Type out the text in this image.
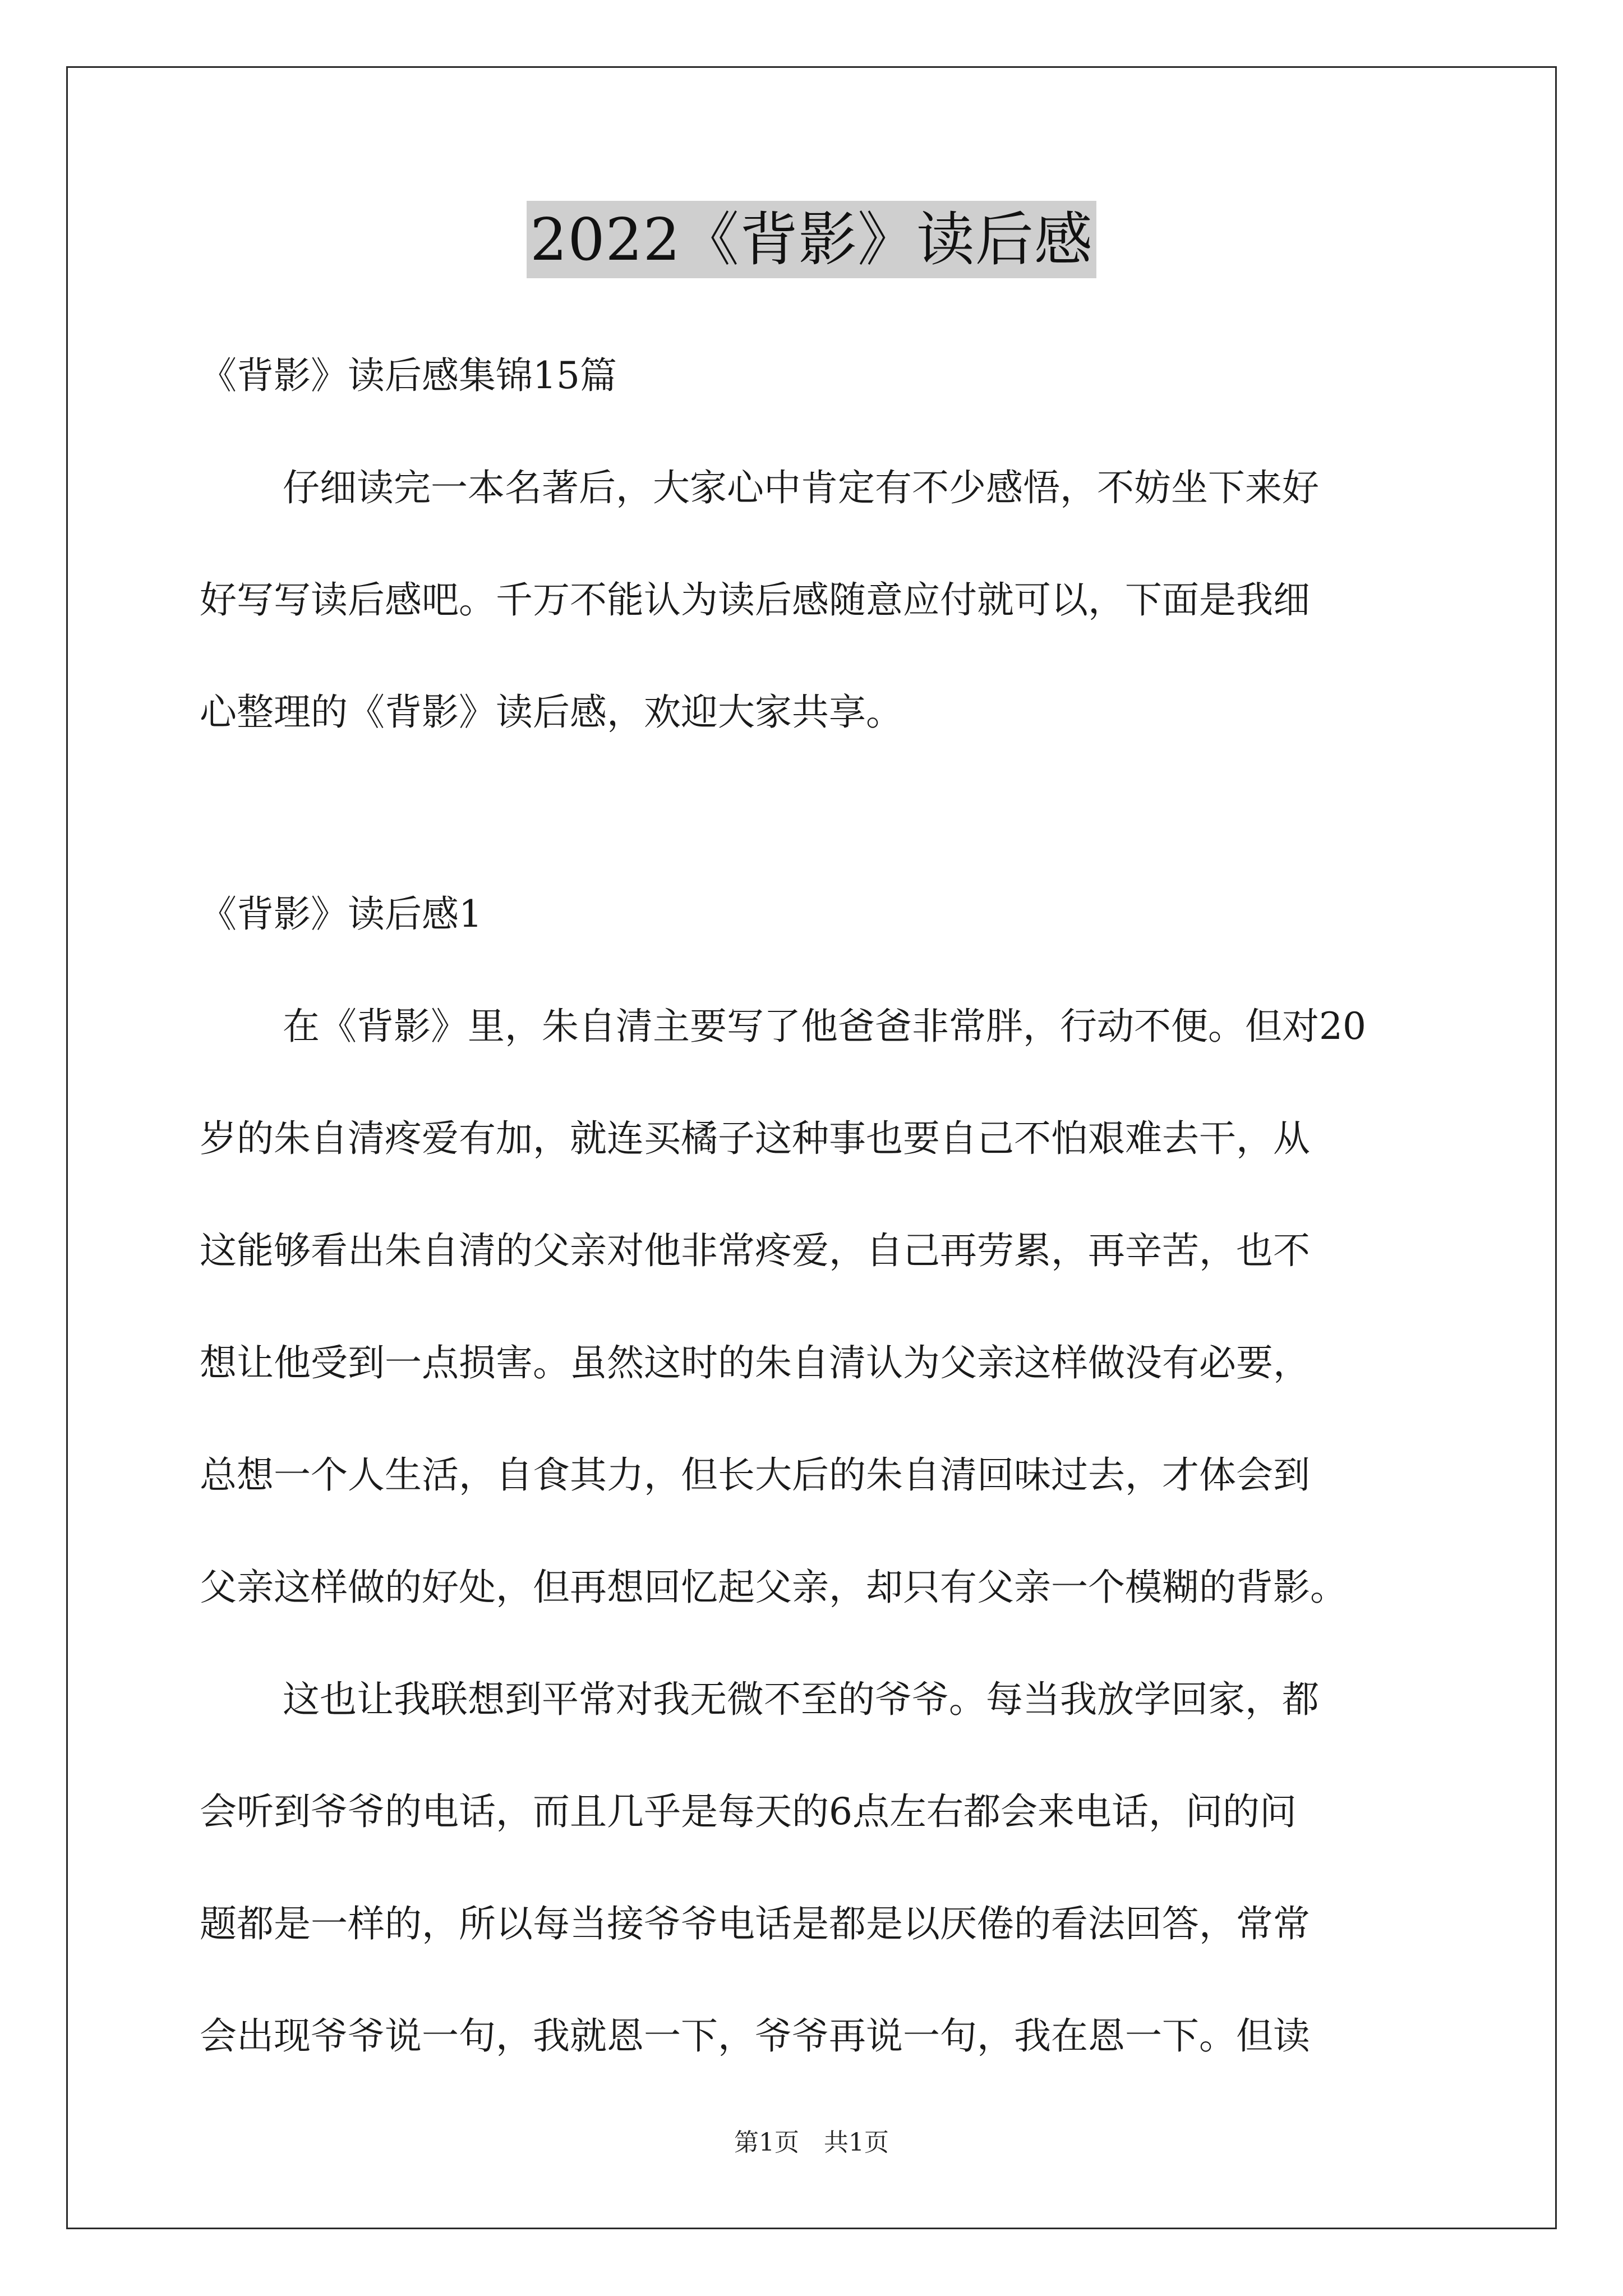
2022《背影》读后感
《背影》读后感集锦15篇
仔细读完一本名著后，大家心中肯定有不少感悟，不妨坐下来好
好写写读后感吧。千万不能认为读后感随意应付就可以，下面是我细
心整理的《背影》读后感，欢迎大家共享。
《背影》读后感1
在《背影》里，朱自清主要写了他爸爸非常胖，行动不便。但对20
岁的朱自清疼爱有加，就连买橘子这种事也要自己不怕艰难去干，从
这能够看出朱自清的父亲对他非常疼爱，自己再劳累，再辛苦，也不
想让他受到一点损害。虽然这时的朱自清认为父亲这样做没有必要，
总想一个人生活，自食其力，但长大后的朱自清回味过去，才体会到
父亲这样做的好处，但再想回忆起父亲，却只有父亲一个模糊的背影。
这也让我联想到平常对我无微不至的爷爷。每当我放学回家，都
会听到爷爷的电话，而且几乎是每天的6点左右都会来电话，问的问
题都是一样的，所以每当接爷爷电话是都是以厌倦的看法回答，常常
会出现爷爷说一句，我就恩一下，爷爷再说一句，我在恩一下。但读
第1页　共1页
